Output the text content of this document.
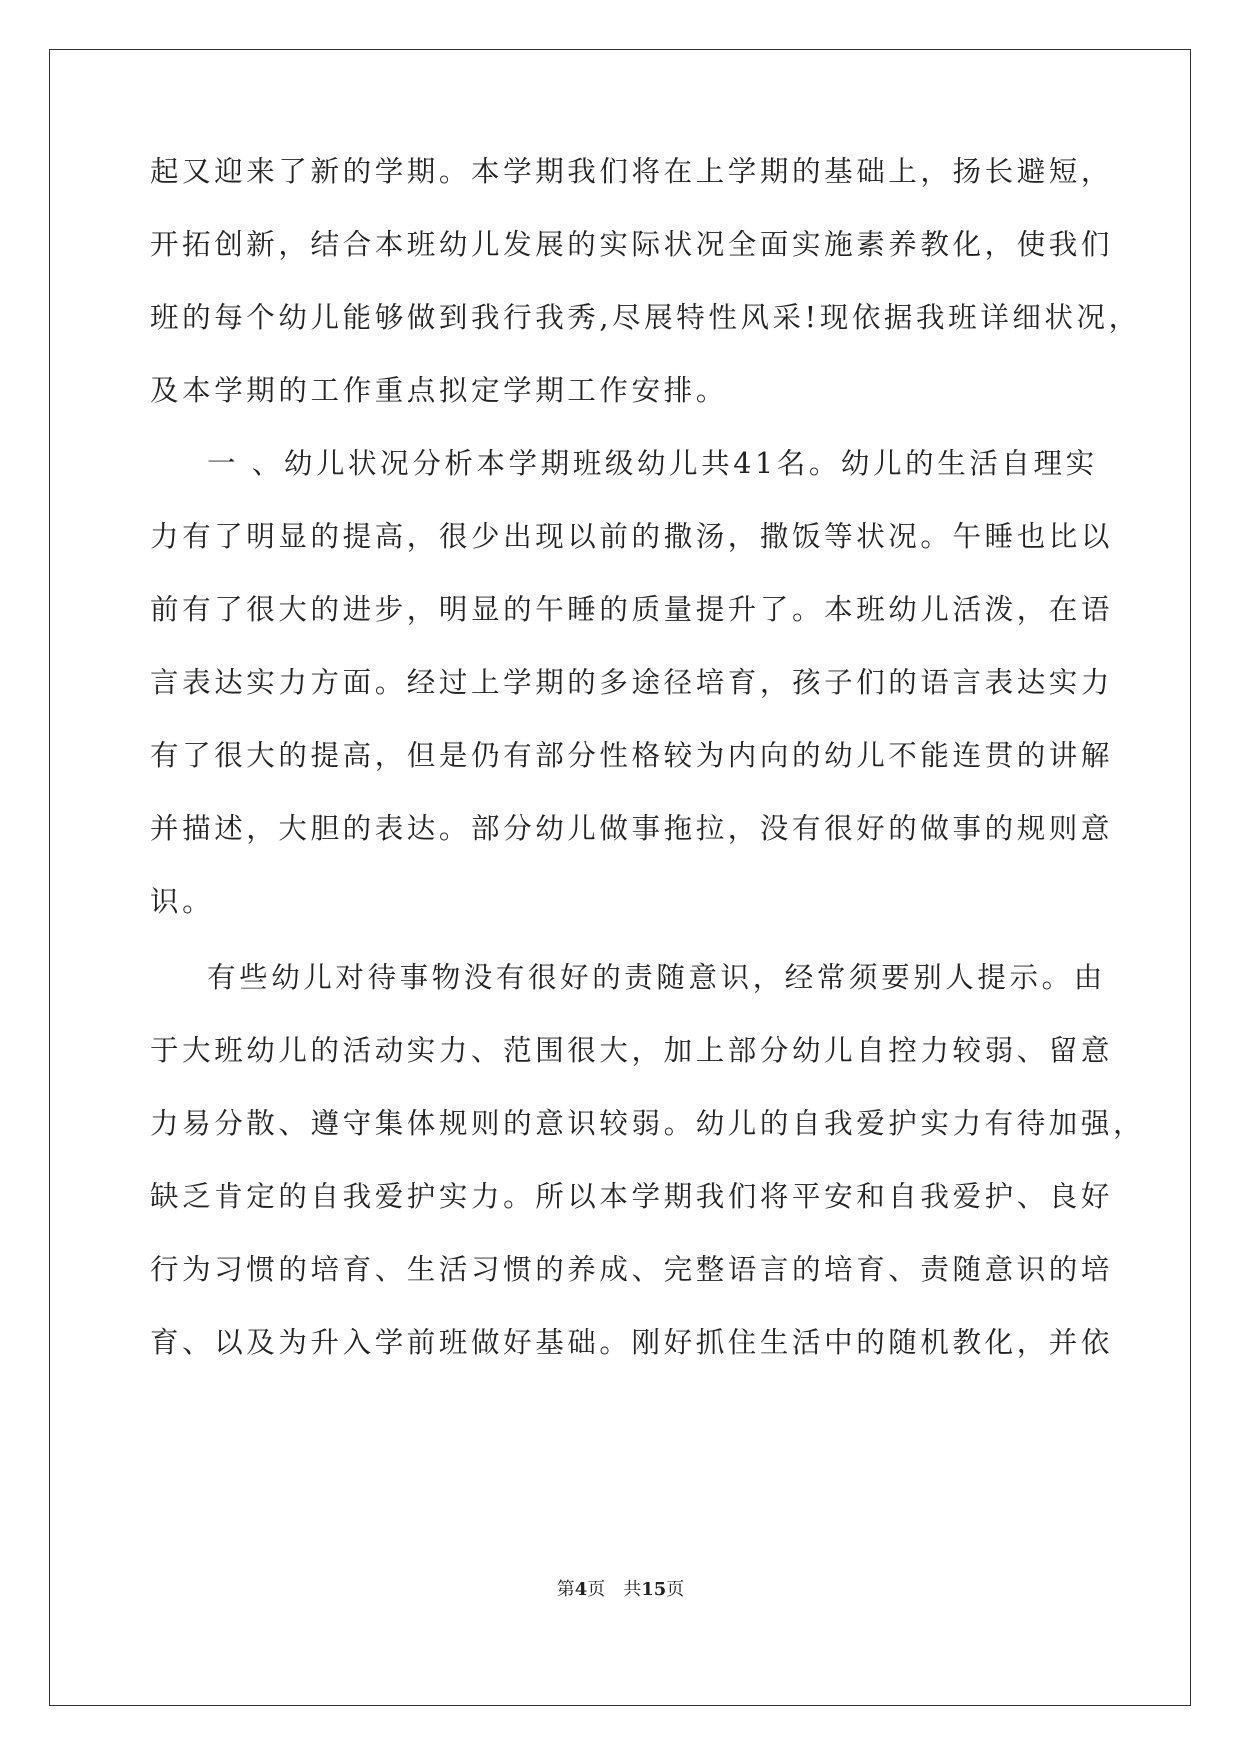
起又迎来了新的学期。本学期我们将在上学期的基础上，扬长避短，
开拓创新，结合本班幼儿发展的实际状况全面实施素养教化，使我们
班的每个幼儿能够做到我行我秀,尽展特性风采!现依据我班详细状况，
及本学期的工作重点拟定学期工作安排。
一 、幼儿状况分析本学期班级幼儿共41名。幼儿的生活自理实
力有了明显的提高，很少出现以前的撒汤，撒饭等状况。午睡也比以
前有了很大的进步，明显的午睡的质量提升了。本班幼儿活泼，在语
言表达实力方面。经过上学期的多途径培育，孩子们的语言表达实力
有了很大的提高，但是仍有部分性格较为内向的幼儿不能连贯的讲解
并描述，大胆的表达。部分幼儿做事拖拉，没有很好的做事的规则意
识。
有些幼儿对待事物没有很好的责随意识，经常须要别人提示。由
于大班幼儿的活动实力、范围很大，加上部分幼儿自控力较弱、留意
力易分散、遵守集体规则的意识较弱。幼儿的自我爱护实力有待加强，
缺乏肯定的自我爱护实力。所以本学期我们将平安和自我爱护、良好
行为习惯的培育、生活习惯的养成、完整语言的培育、责随意识的培
育、以及为升入学前班做好基础。刚好抓住生活中的随机教化，并依
第4页 共15页
